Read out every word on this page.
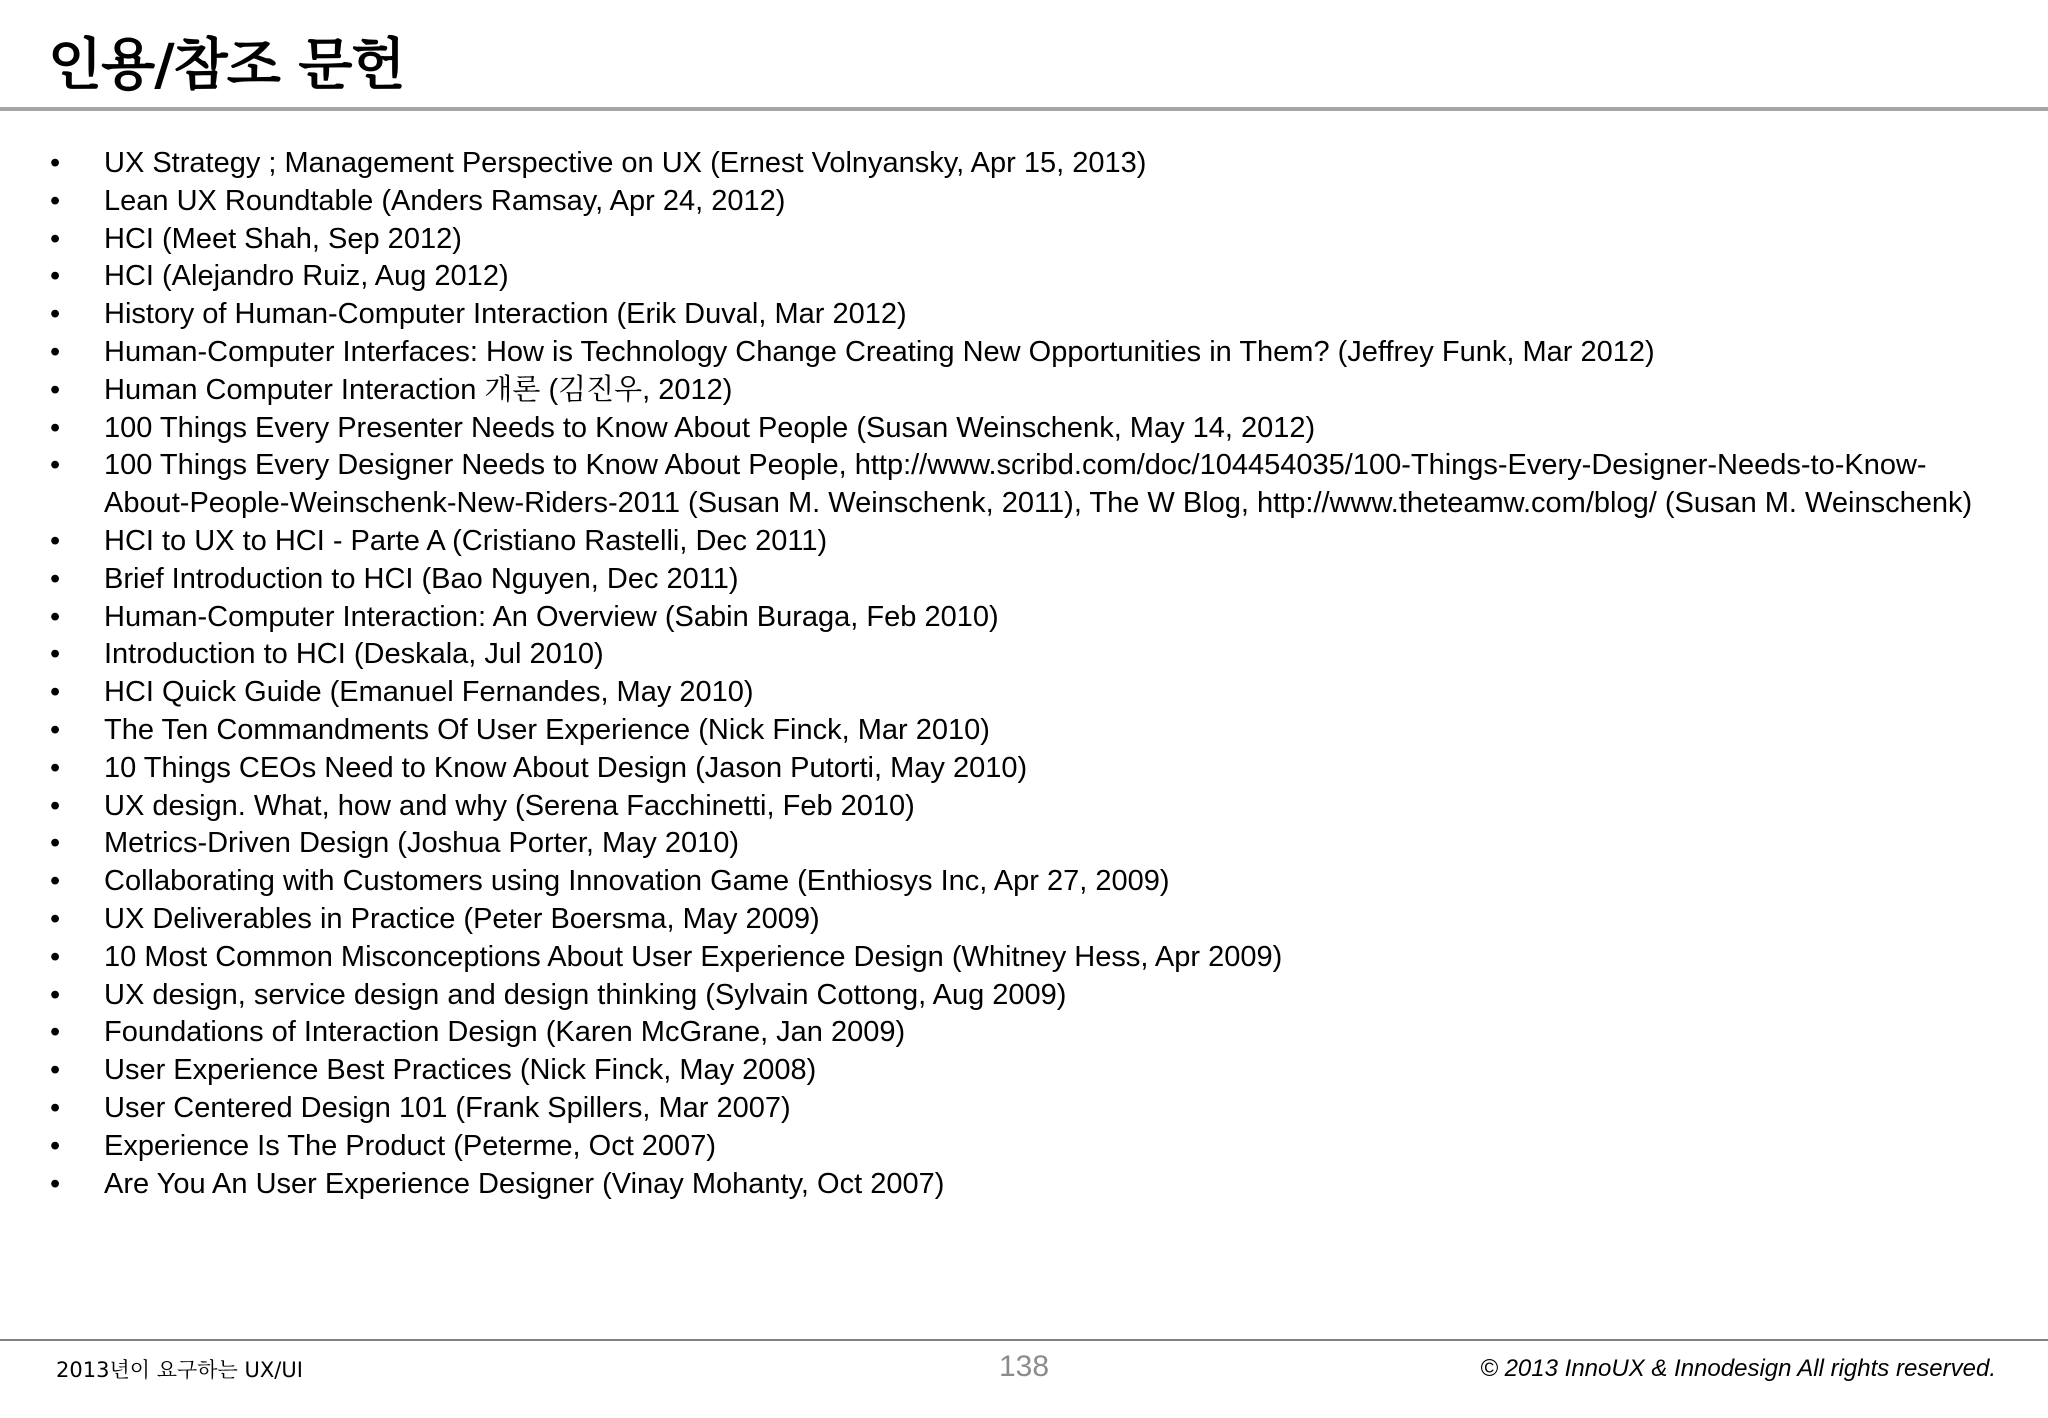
인용/참조 문헌
•	UX Strategy ; Management Perspective on UX (Ernest Volnyansky, Apr 15, 2013)
•	Lean UX Roundtable (Anders Ramsay, Apr 24, 2012)
•	HCI (Meet Shah, Sep 2012)
•	HCI (Alejandro Ruiz, Aug 2012)
•	History of Human-Computer Interaction (Erik Duval, Mar 2012)
•	Human-Computer Interfaces: How is Technology Change Creating New Opportunities in Them? (Jeffrey Funk, Mar 2012)
•	Human Computer Interaction 개론 (김진우, 2012)
•	100 Things Every Presenter Needs to Know About People (Susan Weinschenk, May 14, 2012)
•	100 Things Every Designer Needs to Know About People, http://www.scribd.com/doc/104454035/100-Things-Every-Designer-Needs-to-Know-About-People-Weinschenk-New-Riders-2011 (Susan M. Weinschenk, 2011), The W Blog, http://www.theteamw.com/blog/ (Susan M. Weinschenk)
•	HCI to UX to HCI - Parte A (Cristiano Rastelli, Dec 2011)
•	Brief Introduction to HCI (Bao Nguyen, Dec 2011)
•	Human-Computer Interaction: An Overview (Sabin Buraga, Feb 2010)
•	Introduction to HCI (Deskala, Jul 2010)
•	HCI Quick Guide (Emanuel Fernandes, May 2010)
•	The Ten Commandments Of User Experience (Nick Finck, Mar 2010)
•	10 Things CEOs Need to Know About Design (Jason Putorti, May 2010)
•	UX design. What, how and why (Serena Facchinetti, Feb 2010)
•	Metrics-Driven Design (Joshua Porter, May 2010)
•	Collaborating with Customers using Innovation Game (Enthiosys Inc, Apr 27, 2009)
•	UX Deliverables in Practice (Peter Boersma, May 2009)
•	10 Most Common Misconceptions About User Experience Design (Whitney Hess, Apr 2009)
•	UX design, service design and design thinking (Sylvain Cottong, Aug 2009)
•	Foundations of Interaction Design (Karen McGrane, Jan 2009)
•	User Experience Best Practices (Nick Finck, May 2008)
•	User Centered Design 101 (Frank Spillers, Mar 2007)
•	Experience Is The Product (Peterme, Oct 2007)
•	Are You An User Experience Designer (Vinay Mohanty, Oct 2007)
2013년이 요구하는 UX/UI	138	© 2013 InnoUX & Innodesign All rights reserved.
